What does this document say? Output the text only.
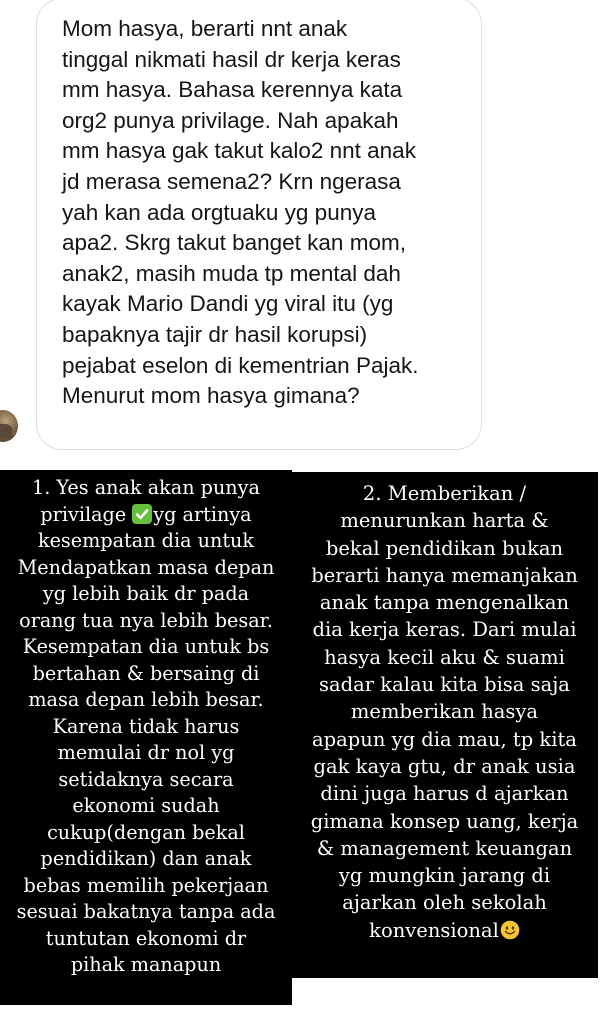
Mom hasya, berarti nnt anak
tinggal nikmati hasil dr kerja keras
mm hasya. Bahasa kerennya kata
org2 punya privilage. Nah apakah
mm hasya gak takut kalo2 nnt anak
jd merasa semena2? Krn ngerasa
yah kan ada orgtuaku yg punya
apa2. Skrg takut banget kan mom,
anak2, masih muda tp mental dah
kayak Mario Dandi yg viral itu (yg
bapaknya tajir dr hasil korupsi)
pejabat eselon di kementrian Pajak.
Menurut mom hasya gimana?
1. Yes anak akan punya
privilage
yg artinya
kesempatan dia untuk
Mendapatkan masa depan
yg lebih baik dr pada
orang tua nya lebih besar.
Kesempatan dia untuk bs
bertahan & bersaing di
masa depan lebih besar.
Karena tidak harus
memulai dr nol yg
setidaknya secara
ekonomi sudah
cukup(dengan bekal
pendidikan) dan anak
bebas memilih pekerjaan
sesuai bakatnya tanpa ada
tuntutan ekonomi dr
pihak manapun
2. Memberikan /
menurunkan harta &
bekal pendidikan bukan
berarti hanya memanjakan
anak tanpa mengenalkan
dia kerja keras. Dari mulai
hasya kecil aku & suami
sadar kalau kita bisa saja
memberikan hasya
apapun yg dia mau, tp kita
gak kaya gtu, dr anak usia
dini juga harus d ajarkan
gimana konsep uang, kerja
& management keuangan
yg mungkin jarang di
ajarkan oleh sekolah
konvensional
